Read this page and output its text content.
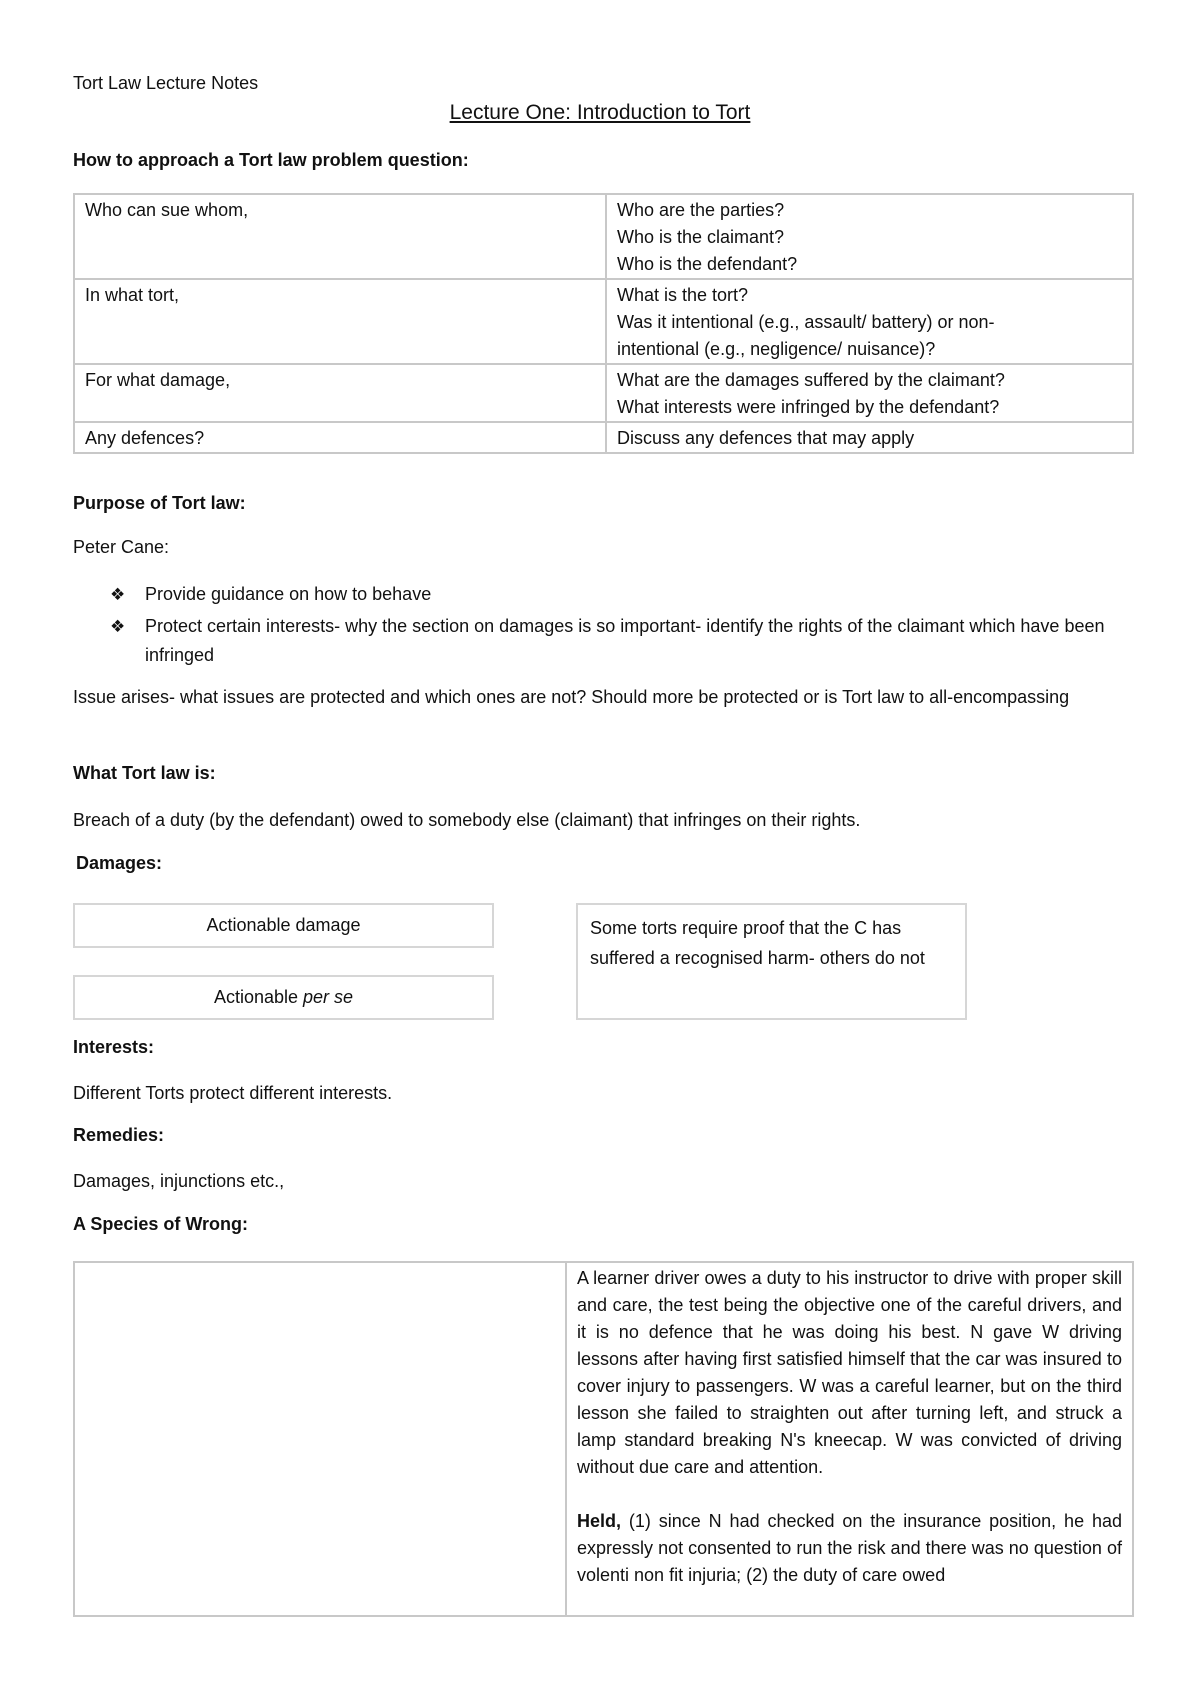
Tort Law Lecture Notes
Lecture One: Introduction to Tort
How to approach a Tort law problem question:
Who can sue whom,	Who are the parties?
Who is the claimant?
Who is the defendant?

In what tort,	What is the tort?
Was it intentional (e.g., assault/ battery) or non-
intentional (e.g., negligence/ nuisance)?

For what damage,	What are the damages suffered by the claimant?
What interests were infringed by the defendant?

Any defences?	Discuss any defences that may apply
Purpose of Tort law:
Peter Cane:
❖ Provide guidance on how to behave
❖ Protect certain interests- why the section on damages is so important- identify the rights of the claimant which have been infringed
Issue arises- what issues are protected and which ones are not? Should more be protected or is Tort law to all-encompassing
What Tort law is:
Breach of a duty (by the defendant) owed to somebody else (claimant) that infringes on their rights.
Damages:
Actionable damage
Actionable per se
Some torts require proof that the C has suffered a recognised harm- others do not
Interests:
Different Torts protect different interests.
Remedies:
Damages, injunctions etc.,
A Species of Wrong:

A learner driver owes a duty to his instructor to drive with proper skill and care, the test being the objective one of the careful drivers, and it is no defence that he was doing his best. N gave W driving lessons after having first satisfied himself that the car was insured to cover injury to passengers. W was a careful learner, but on the third lesson she failed to straighten out after turning left, and struck a lamp standard breaking N's kneecap. W was convicted of driving without due care and attention.
Held, (1) since N had checked on the insurance position, he had expressly not consented to run the risk and there was no question of volenti non fit injuria; (2) the duty of care owed
